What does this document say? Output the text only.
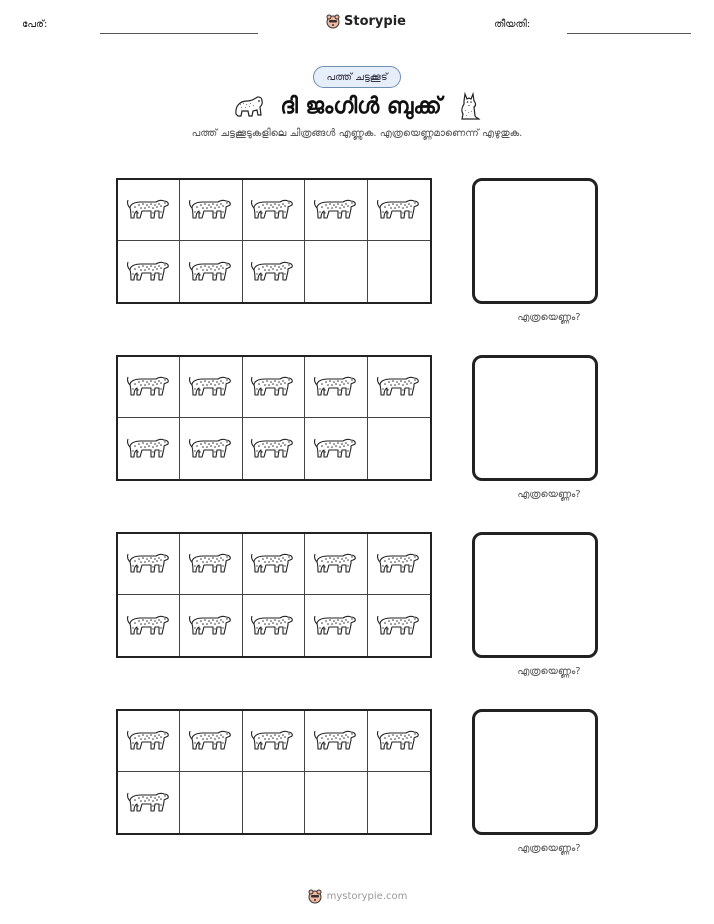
പേര്:	Storypie	തീയതി:
പത്ത് ചട്ടക്കൂട്
ദി ജംഗിൾ ബുക്ക്
പത്ത് ചട്ടക്കൂടുകളിലെ ചിത്രങ്ങൾ എണ്ണുക. എത്രയെണ്ണമാണെന്ന് എഴുതുക.
എത്രയെണ്ണം?
എത്രയെണ്ണം?
എത്രയെണ്ണം?
എത്രയെണ്ണം?
mystorypie.com
